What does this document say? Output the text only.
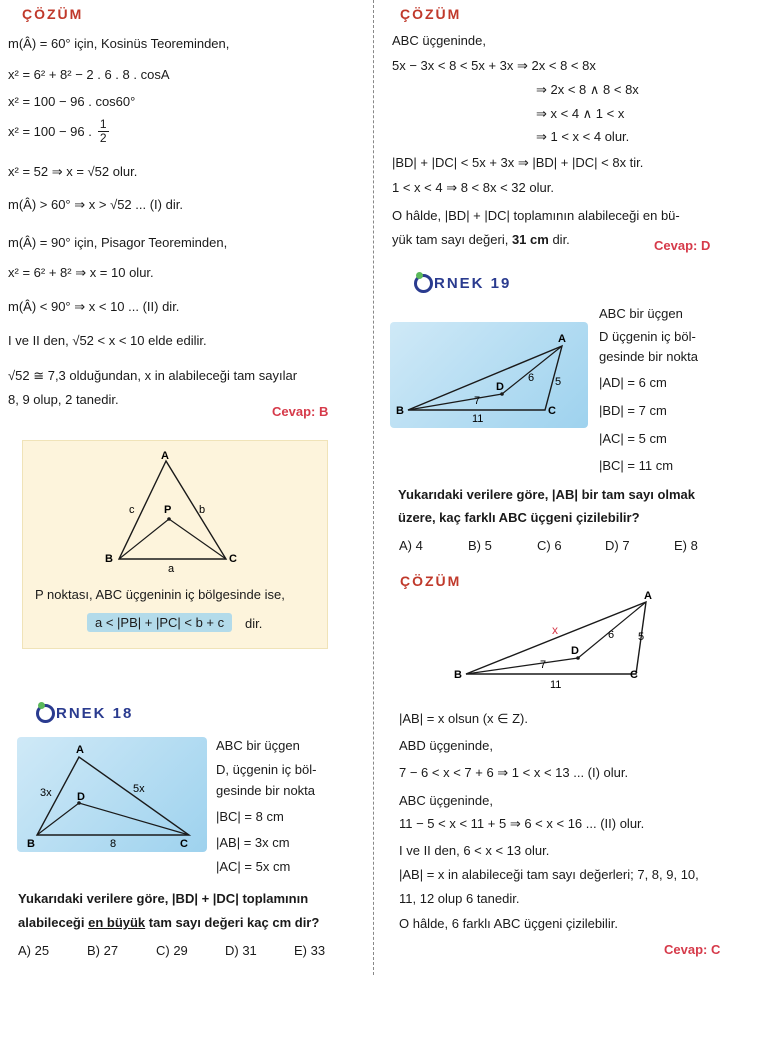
ÇÖZÜM
m(Â) = 60° için, Kosinüs Teoreminden,
x² = 6² + 8² − 2 . 6 . 8 . cosA
x² = 100 − 96 . cos60°
x² = 100 − 96 . $\frac{1}{2}$
x² = 52 ⇒ x = √52 olur.
m(Â) > 60° ⇒ x > √52 ... (I) dir.
m(Â) = 90° için, Pisagor Teoreminden,
x² = 6² + 8² ⇒ x = 10 olur.
m(Â) < 90° ⇒ x < 10 ... (II) dir.
I ve II den, √52 < x < 10 elde edilir.
√52 ≅ 7,3 olduğundan, x in alabileceği tam sayılar
8, 9 olup, 2 tanedir.
Cevap: B
A
B	C
P
c	b
a
P noktası, ABC üçgeninin iç bölgesinde ise,
a < |PB| + |PC| < b + c	dir.
RNEK 18
A
B	C
D
3x	5x
8
ABC bir üçgen
D, üçgenin iç böl-
gesinde bir nokta
|BC| = 8 cm
|AB| = 3x cm
|AC| = 5x cm
Yukarıdaki verilere göre, |BD| + |DC| toplamının
alabileceği en büyük tam sayı değeri kaç cm dir?
A) 25	B) 27	C) 29	D) 31	E) 33
ÇÖZÜM
ABC üçgeninde,
5x − 3x < 8 < 5x + 3x ⇒ 2x < 8 < 8x
⇒ 2x < 8 ∧ 8 < 8x
⇒ x < 4 ∧ 1 < x
⇒ 1 < x < 4 olur.
|BD| + |DC| < 5x + 3x ⇒ |BD| + |DC| < 8x tir.
1 < x < 4 ⇒ 8 < 8x < 32 olur.
O hâlde, |BD| + |DC| toplamının alabileceği en bü-
yük tam sayı değeri, 31 cm dir.	Cevap: D
RNEK 19
A
B	C
D
6
7
5
11
ABC bir üçgen
D üçgenin iç böl-
gesinde bir nokta
|AD| = 6 cm
|BD| = 7 cm
|AC| = 5 cm
|BC| = 11 cm
Yukarıdaki verilere göre, |AB| bir tam sayı olmak
üzere, kaç farklı ABC üçgeni çizilebilir?
A) 4	B) 5	C) 6	D) 7	E) 8
ÇÖZÜM
A
B	C
D
x	6 5
7
11
|AB| = x olsun (x ∈ Z).
ABD üçgeninde,
7 − 6 < x < 7 + 6 ⇒ 1 < x < 13 ... (I) olur.
ABC üçgeninde,
11 − 5 < x < 11 + 5 ⇒ 6 < x < 16 ... (II) olur.
I ve II den, 6 < x < 13 olur.
|AB| = x in alabileceği tam sayı değerleri; 7, 8, 9, 10,
11, 12 olup 6 tanedir.
O hâlde, 6 farklı ABC üçgeni çizilebilir.
Cevap: C
